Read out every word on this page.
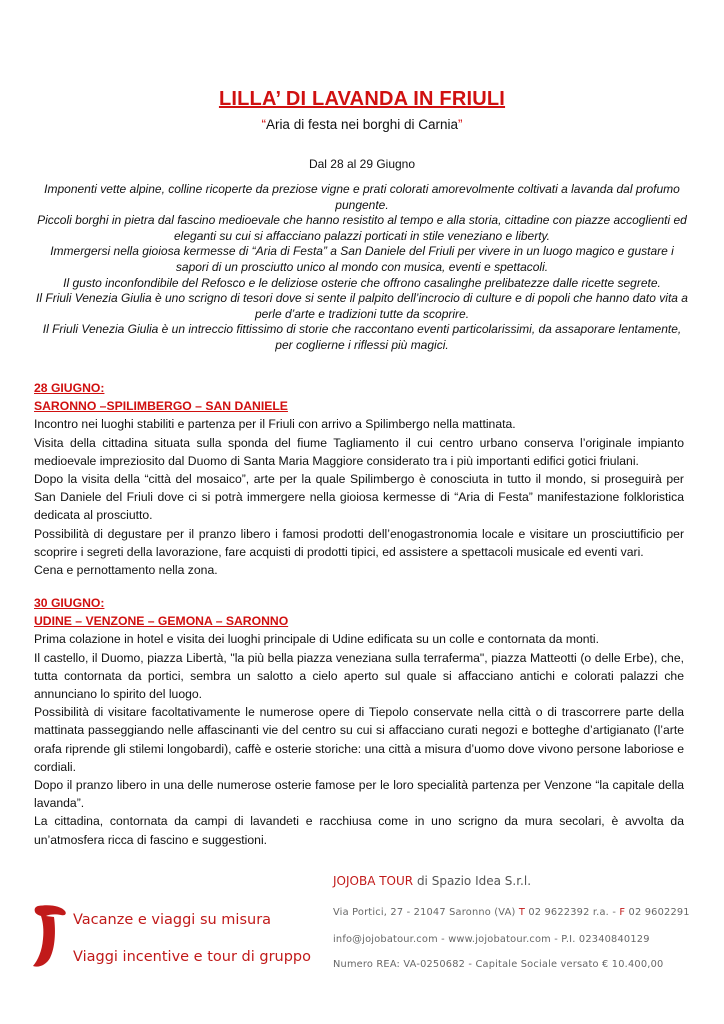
LILLA’ DI LAVANDA IN FRIULI
“Aria di festa nei borghi di Carnia”
Dal 28 al 29 Giugno

Imponenti vette alpine, colline ricoperte da preziose vigne e prati colorati amorevolmente coltivati a lavanda dal profumo pungente.

Piccoli borghi in pietra dal fascino medioevale che hanno resistito al tempo e alla storia, cittadine con piazze accoglienti ed eleganti su cui si affacciano palazzi porticati in stile veneziano e liberty.

Immergersi nella gioiosa kermesse di “Aria di Festa” a San Daniele del Friuli per vivere in un luogo magico e gustare i sapori di un prosciutto unico al mondo con musica, eventi e spettacoli.

Il gusto inconfondibile del Refosco e le deliziose osterie che offrono casalinghe prelibatezze dalle ricette segrete.

Il Friuli Venezia Giulia è uno scrigno di tesori dove si sente il palpito dell’incrocio di culture e di popoli che hanno dato vita a perle d’arte e tradizioni tutte da scoprire.

Il Friuli Venezia Giulia è un intreccio fittissimo di storie che raccontano eventi particolarissimi, da assaporare lentamente, per coglierne i riflessi più magici.

28 GIUGNO:
SARONNO –SPILIMBERGO – SAN DANIELE

Incontro nei luoghi stabiliti e partenza per il Friuli con arrivo a Spilimbergo nella mattinata.

Visita della cittadina situata sulla sponda del fiume Tagliamento il cui centro urbano conserva l’originale impianto medioevale impreziosito dal Duomo di Santa Maria Maggiore considerato tra i più importanti edifici gotici friulani.

Dopo la visita della “città del mosaico”, arte per la quale Spilimbergo è conosciuta in tutto il mondo, si proseguirà per San Daniele del Friuli dove ci si potrà immergere nella gioiosa kermesse di “Aria di Festa” manifestazione folkloristica dedicata al prosciutto.

Possibilità di degustare per il pranzo libero i famosi prodotti dell’enogastronomia locale e visitare un prosciuttificio per scoprire i segreti della lavorazione, fare acquisti di prodotti tipici, ed assistere a spettacoli musicale ed eventi vari.

Cena e pernottamento nella zona.

30 GIUGNO:
UDINE – VENZONE – GEMONA – SARONNO

Prima colazione in hotel e visita dei luoghi principale di Udine edificata su un colle e contornata da monti.

Il castello, il Duomo, piazza Libertà, "la più bella piazza veneziana sulla terraferma", piazza Matteotti (o delle Erbe), che, tutta contornata da portici, sembra un salotto a cielo aperto sul quale si affacciano antichi e colorati palazzi che annunciano lo spirito del luogo.

Possibilità di visitare facoltativamente le numerose opere di Tiepolo conservate nella città o di trascorrere parte della mattinata passeggiando nelle affascinanti vie del centro su cui si affacciano curati negozi e botteghe d’artigianato (l’arte orafa riprende gli stilemi longobardi), caffè e osterie storiche: una città a misura d’uomo dove vivono persone laboriose e cordiali.

Dopo il pranzo libero in una delle numerose osterie famose per le loro specialità partenza per Venzone “la capitale della lavanda”.

La cittadina, contornata da campi di lavandeti e racchiusa come in uno scrigno da mura secolari, è avvolta da un’atmosfera ricca di fascino e suggestioni.

Vacanze e viaggi su misura
Viaggi incentive e tour di gruppo
JOJOBA TOUR di Spazio Idea S.r.l.
Via Portici, 27 - 21047 Saronno (VA) T 02 9622392 r.a. - F 02 9602291
info@jojobatour.com - www.jojobatour.com - P.I. 02340840129
Numero REA: VA-0250682 - Capitale Sociale versato € 10.400,00
